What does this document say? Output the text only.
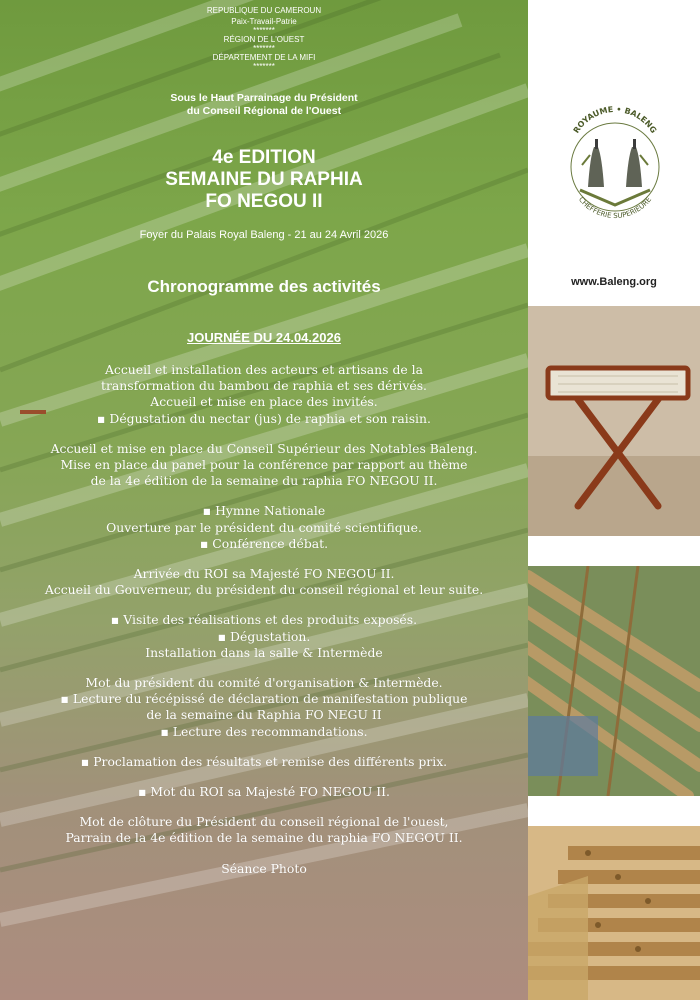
REPUBLIQUE DU CAMEROUN
Paix-Travail-Patrie
*******
RÉGION DE L'OUEST
*******
DÉPARTEMENT DE LA MIFI
*******
Sous le Haut Parrainage du Président
du Conseil Régional de l'Ouest
4e EDITION
SEMAINE DU RAPHIA
FO NEGOU II
Foyer du Palais Royal Baleng - 21 au 24 Avril 2026
Chronogramme des activités
JOURNÉE DU 24.04.2026
Accueil et installation des acteurs et artisans de la
transformation du bambou de raphia et ses dérivés.
Accueil et mise en place des invités.
▪ Dégustation du nectar (jus) de raphia et son raisin.
Accueil et mise en place du Conseil Supérieur des Notables Baleng.
Mise en place du panel pour la conférence par rapport au thème
de la 4e édition de la semaine du raphia FO NEGOU II.
▪ Hymne Nationale
Ouverture par le président du comité scientifique.
▪ Conférence débat.
Arrivée du ROI sa Majesté FO NEGOU II.
Accueil du Gouverneur, du président du conseil régional et leur suite.
▪ Visite des réalisations et des produits exposés.
▪ Dégustation.
Installation dans la salle & Intermède
Mot du président du comité d'organisation & Intermède.
▪ Lecture du récépissé de déclaration de manifestation publique
de la semaine du Raphia FO NEGU II
▪ Lecture des recommandations.
▪ Proclamation des résultats et remise des différents prix.
▪ Mot du ROI sa Majesté FO NEGOU II.
Mot de clôture du Président du conseil régional de l'ouest,
Parrain de la 4e édition de la semaine du raphia FO NEGOU II.
Séance Photo
ROYAUME • BALENG
CHEFFERIE SUPERIEURE
www.Baleng.org
